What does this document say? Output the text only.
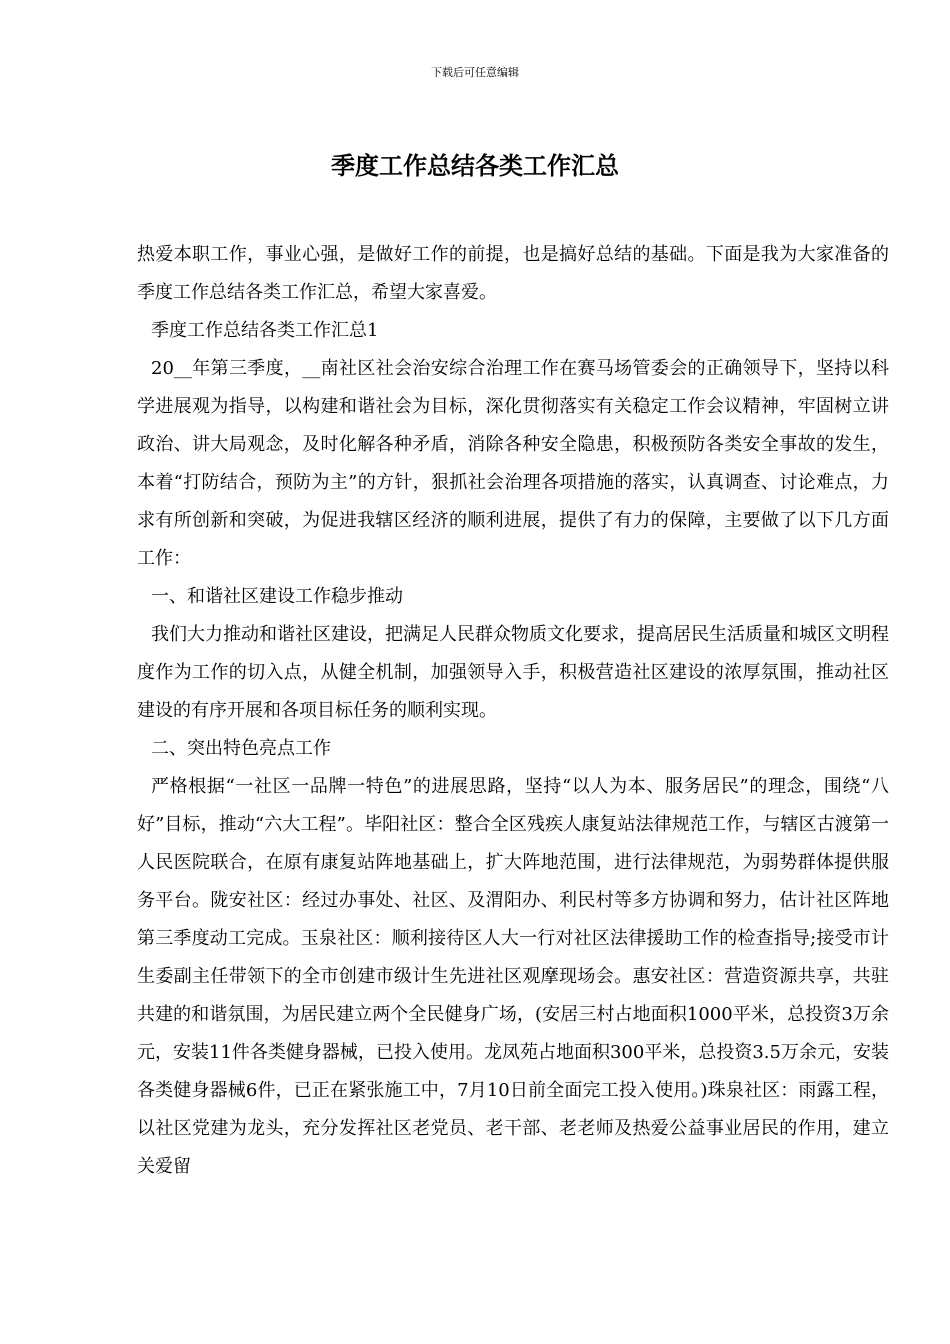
下载后可任意编辑
季度工作总结各类工作汇总

热爱本职工作，事业心强，是做好工作的前提，也是搞好总结的基础。下面是我为大家准备的季度工作总结各类工作汇总，希望大家喜爱。

季度工作总结各类工作汇总1

20__年第三季度，__南社区社会治安综合治理工作在赛马场管委会的正确领导下，坚持以科学进展观为指导，以构建和谐社会为目标，深化贯彻落实有关稳定工作会议精神，牢固树立讲政治、讲大局观念，及时化解各种矛盾，消除各种安全隐患，积极预防各类安全事故的发生，本着“打防结合，预防为主”的方针，狠抓社会治理各项措施的落实，认真调查、讨论难点，力求有所创新和突破，为促进我辖区经济的顺利进展，提供了有力的保障，主要做了以下几方面工作：

一、和谐社区建设工作稳步推动

我们大力推动和谐社区建设，把满足人民群众物质文化要求，提高居民生活质量和城区文明程度作为工作的切入点，从健全机制，加强领导入手，积极营造社区建设的浓厚氛围，推动社区建设的有序开展和各项目标任务的顺利实现。

二、突出特色亮点工作

严格根据“一社区一品牌一特色”的进展思路，坚持“以人为本、服务居民”的理念，围绕“八好”目标，推动“六大工程”。毕阳社区：整合全区残疾人康复站法律规范工作，与辖区古渡第一人民医院联合，在原有康复站阵地基础上，扩大阵地范围，进行法律规范，为弱势群体提供服务平台。陇安社区：经过办事处、社区、及渭阳办、利民村等多方协调和努力，估计社区阵地第三季度动工完成。玉泉社区：顺利接待区人大一行对社区法律援助工作的检查指导;接受市计生委副主任带领下的全市创建市级计生先进社区观摩现场会。惠安社区：营造资源共享，共驻共建的和谐氛围，为居民建立两个全民健身广场，(安居三村占地面积1000平米，总投资3万余元，安装11件各类健身器械，已投入使用。龙凤苑占地面积300平米，总投资3.5万余元，安装各类健身器械6件，已正在紧张施工中，7月10日前全面完工投入使用。)珠泉社区：雨露工程，以社区党建为龙头，充分发挥社区老党员、老干部、老老师及热爱公益事业居民的作用，建立关爱留
